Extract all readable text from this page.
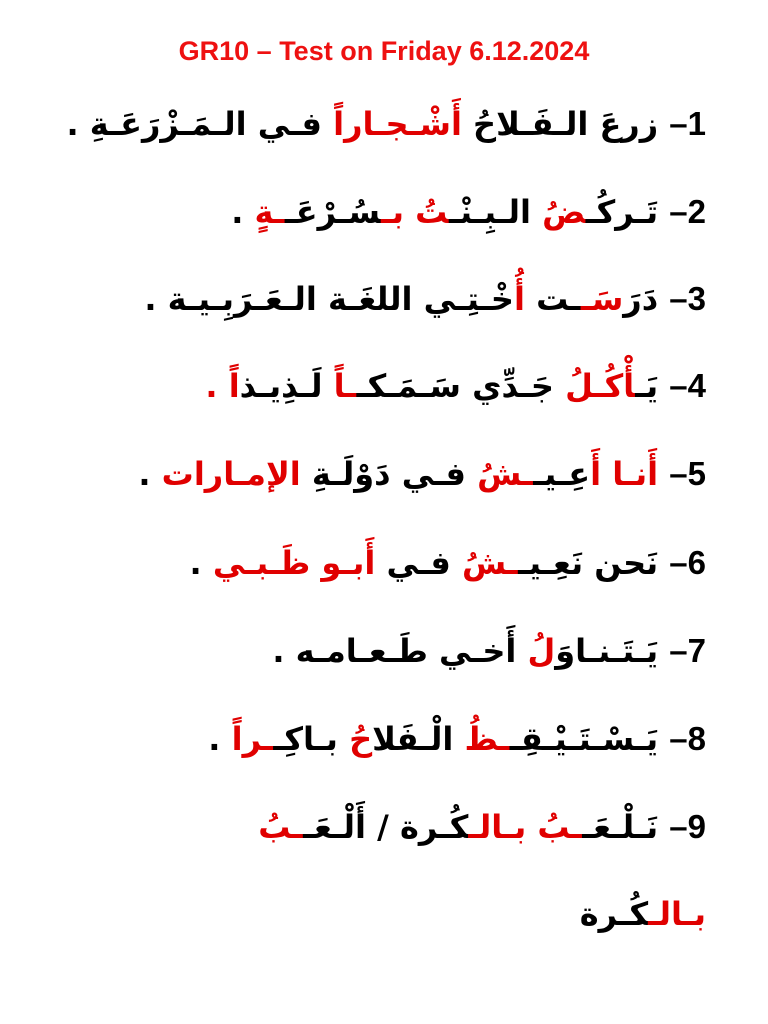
GR10 – Test on Friday 6.12.2024
1– زرعَ الـفَـلاحُ أَشْـجـاراً فـي الـمَـزْرَعَـةِ .
2– تَـركُـضُ الـبِـنْـتُ بـسُـرْعَــةٍ .
3– دَرَسَــت أُخْـتِـي اللغَـة الـعَـرَبِـيـة .
4– يَـأْكُـلُ جَـدِّي سَـمَـكــاً لَـذِيـذاً .
5– أَنـا أَعِـيــشُ فـي دَوْلَـةِ الإمـارات .
6– نَحن نَعِـيــشُ فـي أَبـو ظَـبـي .
7– يَـتَـنـاوَلُ أَخـي طَـعـامـه .
8– يَـسْـتَـيْـقِــظُ الْـفَلاحُ بـاكِــراً .
9– نَـلْـعَــبُ بـالـكُـرة / أَلْـعَــبُ
بـالـكُـرة
